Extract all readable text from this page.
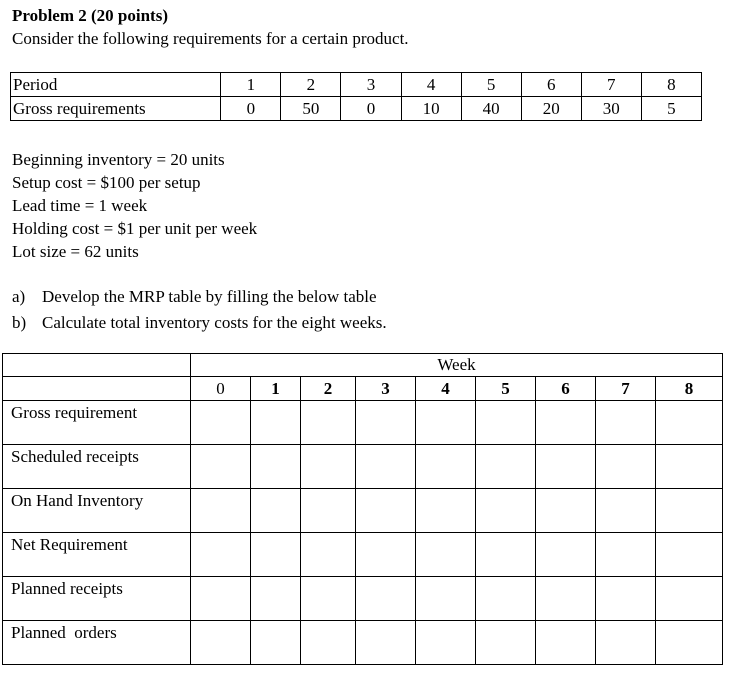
Problem 2 (20 points)
Consider the following requirements for a certain product.
Period	1	2	3	4	5	6	7	8
Gross requirements	0	50	0	10	40	20	30	5
Beginning inventory = 20 units
Setup cost = $100 per setup
Lead time = 1 week
Holding cost = $1 per unit per week
Lot size = 62 units
a) Develop the MRP table by filling the below table
b) Calculate total inventory costs for the eight weeks.
	Week								
	0	1	2	3	4	5	6	7	8
Gross requirement									
Scheduled receipts									
On Hand Inventory									
Net Requirement									
Planned receipts									
Planned  orders									
